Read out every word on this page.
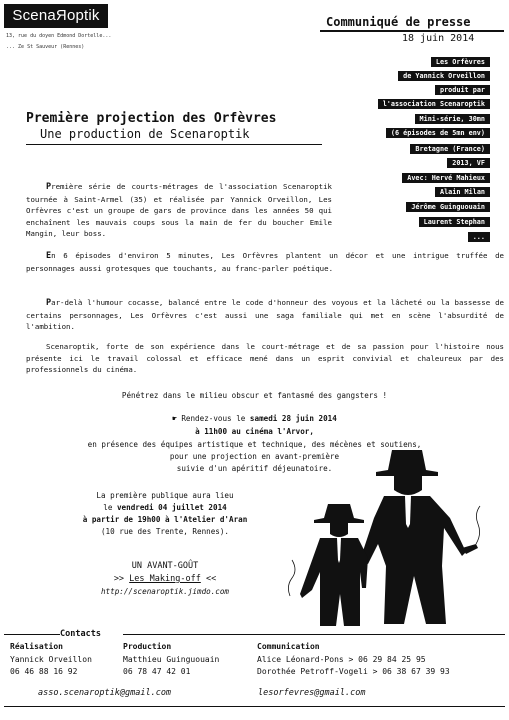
ScenaЯoptik
13, rue du doyen Edmond Dortelle...
... Ze St Sauveur (Rennes)
Communiqué de presse
18 juin 2014
Les Orfèvres
de Yannick Orveillon
produit par
l'association Scenaroptik
Mini-série, 30mn
(6 épisodes de 5mn env)
Bretagne (France)
2013, VF
Avec: Hervé Mahieux
Alain Milan
Jérôme Guinguouain
Laurent Stephan
...
Première projection des Orfèvres
Une production de Scenaroptik
Première série de courts-métrages de l'association Scenaroptik tournée à Saint-Armel (35) et réalisée par Yannick Orveillon, Les Orfèvres c'est un groupe de gars de province dans les années 50 qui enchaînent les mauvais coups sous la main de fer du boucher Emile Mangin, leur boss.
En 6 épisodes d'environ 5 minutes, Les Orfèvres plantent un décor et une intrigue truffée de personnages aussi grotesques que touchants, au franc-parler poétique.
Par-delà l'humour cocasse, balancé entre le code d'honneur des voyous et la lâcheté ou la bassesse de certains personnages, Les Orfèvres c'est aussi une saga familiale qui met en scène l'absurdité de l'ambition.
Scenaroptik, forte de son expérience dans le court-métrage et de sa passion pour l'histoire nous présente ici le travail colossal et efficace mené dans un esprit convivial et chaleureux par des professionnels du cinéma.
Pénétrez dans le milieu obscur et fantasmé des gangsters !
☛ Rendez-vous le samedi 28 juin 2014
à 11h00 au cinéma l'Arvor,
en présence des équipes artistique et technique, des mécènes et soutiens,
pour une projection en avant-première
suivie d'un apéritif déjeunatoire.
La première publique aura lieu
le vendredi 04 juillet 2014
à partir de 19h00 à l'Atelier d'Aran
(10 rue des Trente, Rennes).
UN AVANT-GOÛT
>> Les Making-off <<
http://scenaroptik.jimdo.com
Contacts
Réalisation
Yannick Orveillon
06 46 88 16 92
Production
Matthieu Guinguouain
06 78 47 42 01
Communication
Alice Léonard-Pons > 06 29 84 25 95
Dorothée Petroff-Vogeli > 06 38 67 39 93
asso.scenaroptik@gmail.com	lesorfevres@gmail.com
